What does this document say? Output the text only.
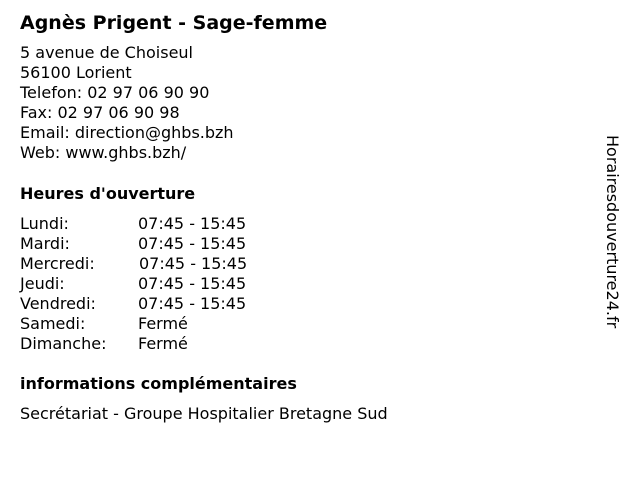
Agnès Prigent - Sage-femme
5 avenue de Choiseul
56100 Lorient
Telefon: 02 97 06 90 90
Fax: 02 97 06 90 98
Email: direction@ghbs.bzh
Web: www.ghbs.bzh/
Heures d'ouverture
Lundi:	07:45 - 15:45
Mardi:	07:45 - 15:45
Mercredi:	07:45 - 15:45
Jeudi:	07:45 - 15:45
Vendredi:	07:45 - 15:45
Samedi:	Fermé
Dimanche: Fermé
informations complémentaires
Secrétariat - Groupe Hospitalier Bretagne Sud
Horairesdouverture24.fr
